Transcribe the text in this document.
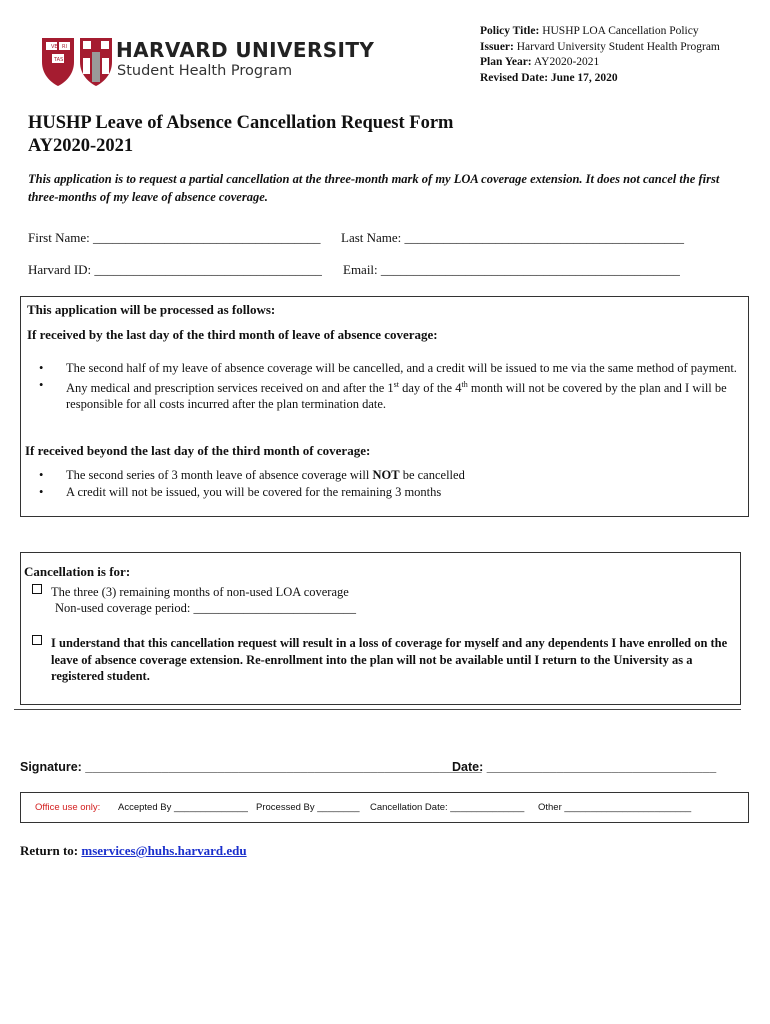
VE RI
TAS	HARVARD UNIVERSITY
Student Health Program
Policy Title: HUSHP LOA Cancellation Policy
Issuer: Harvard University Student Health Program
Plan Year: AY2020-2021
Revised Date: June 17, 2020
HUSHP Leave of Absence Cancellation Request Form
AY2020-2021
This application is to request a partial cancellation at the three-month mark of my LOA coverage extension. It does not cancel the first three-months of my leave of absence coverage.
First Name: ___________________________________ Last Name: ___________________________________________
Harvard ID: ___________________________________ Email: ______________________________________________
This application will be processed as follows:
If received by the last day of the third month of leave of absence coverage:
• The second half of my leave of absence coverage will be cancelled, and a credit will be issued to me via the same method of payment.
• Any medical and prescription services received on and after the 1st day of the 4th month will not be covered by the plan and I will be responsible for all costs incurred after the plan termination date.
If received beyond the last day of the third month of coverage:
• The second series of 3 month leave of absence coverage will NOT be cancelled
• A credit will not be issued, you will be covered for the remaining 3 months
Cancellation is for:
The three (3) remaining months of non-used LOA coverage
Non-used coverage period: __________________________
I understand that this cancellation request will result in a loss of coverage for myself and any dependents I have enrolled on the leave of absence coverage extension. Re-enrollment into the plan will not be available until I return to the University as a registered student.
Signature: _________________________________________________________
Date: _________________________________
Office use only: Accepted By ______________ Processed By ________ Cancellation Date: ______________ Other ________________________
Return to: mservices@huhs.harvard.edu
